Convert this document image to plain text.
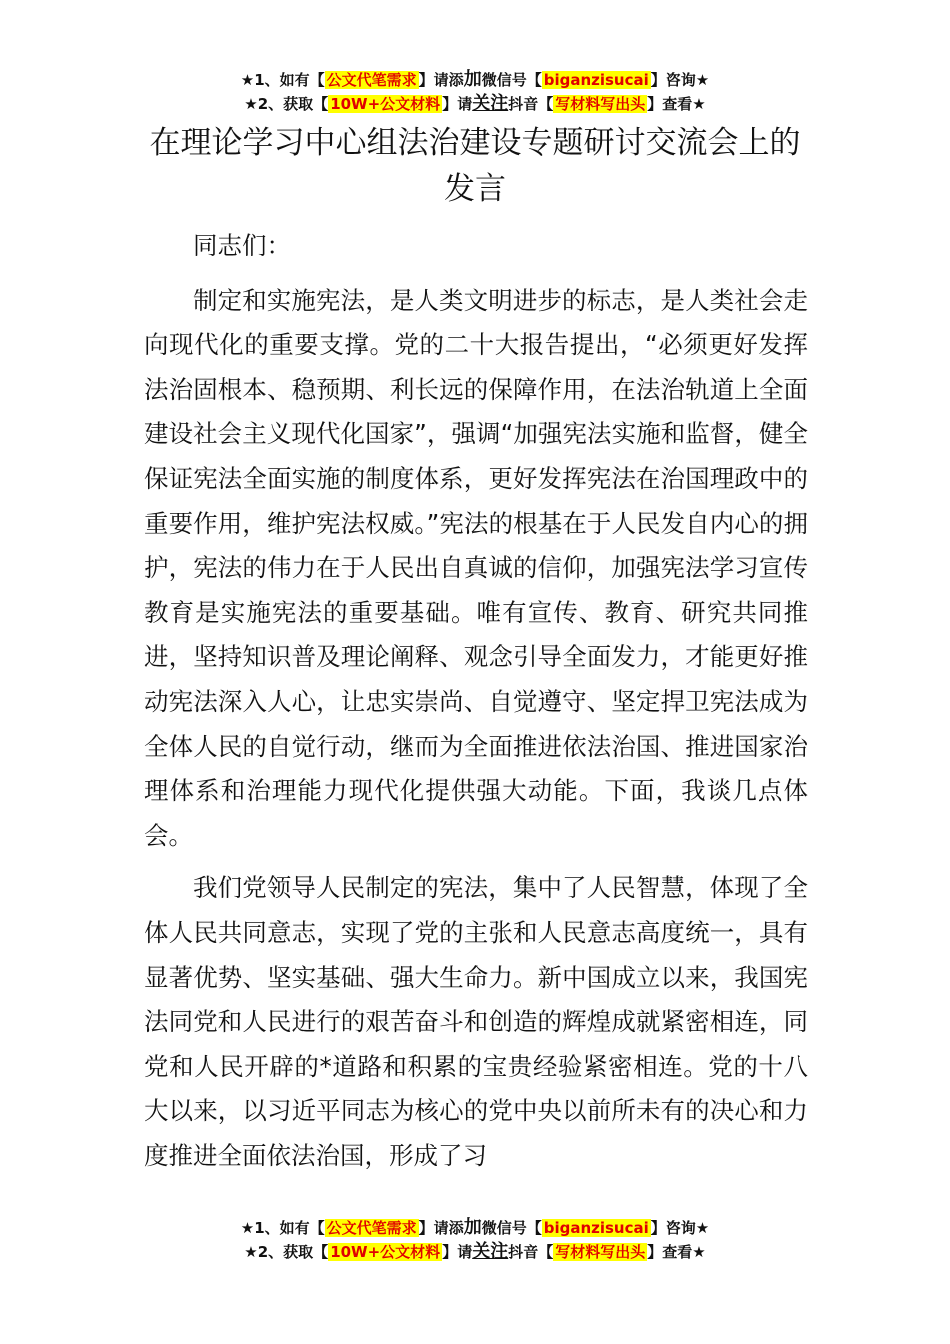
★1、如有【 公文代笔需求 】请添加微信号【 biganzisucai 】咨询★
★2、获取【 10W+公文材料 】请关注抖音【 写材料写出头 】查看★
在理论学习中心组法治建设专题研讨交流会上的发言

同志们：

制定和实施宪法，是人类文明进步的标志，是人类社会走向现代化的重要支撑。党的二十大报告提出，“必须更好发挥法治固根本、稳预期、利长远的保障作用，在法治轨道上全面建设社会主义现代化国家”，强调“加强宪法实施和监督，健全保证宪法全面实施的制度体系，更好发挥宪法在治国理政中的重要作用，维护宪法权威。”宪法的根基在于人民发自内心的拥护，宪法的伟力在于人民出自真诚的信仰，加强宪法学习宣传教育是实施宪法的重要基础。唯有宣传、教育、研究共同推进，坚持知识普及理论阐释、观念引导全面发力，才能更好推动宪法深入人心，让忠实崇尚、自觉遵守、坚定捍卫宪法成为全体人民的自觉行动，继而为全面推进依法治国、推进国家治理体系和治理能力现代化提供强大动能。下面，我谈几点体会。

我们党领导人民制定的宪法，集中了人民智慧，体现了全体人民共同意志，实现了党的主张和人民意志高度统一，具有显著优势、坚实基础、强大生命力。新中国成立以来，我国宪法同党和人民进行的艰苦奋斗和创造的辉煌成就紧密相连，同党和人民开辟的*道路和积累的宝贵经验紧密相连。党的十八大以来，以习近平同志为核心的党中央以前所未有的决心和力度推进全面依法治国，形成了习

★1、如有【 公文代笔需求 】请添加微信号【 biganzisucai 】咨询★
★2、获取【 10W+公文材料 】请关注抖音【 写材料写出头 】查看★
